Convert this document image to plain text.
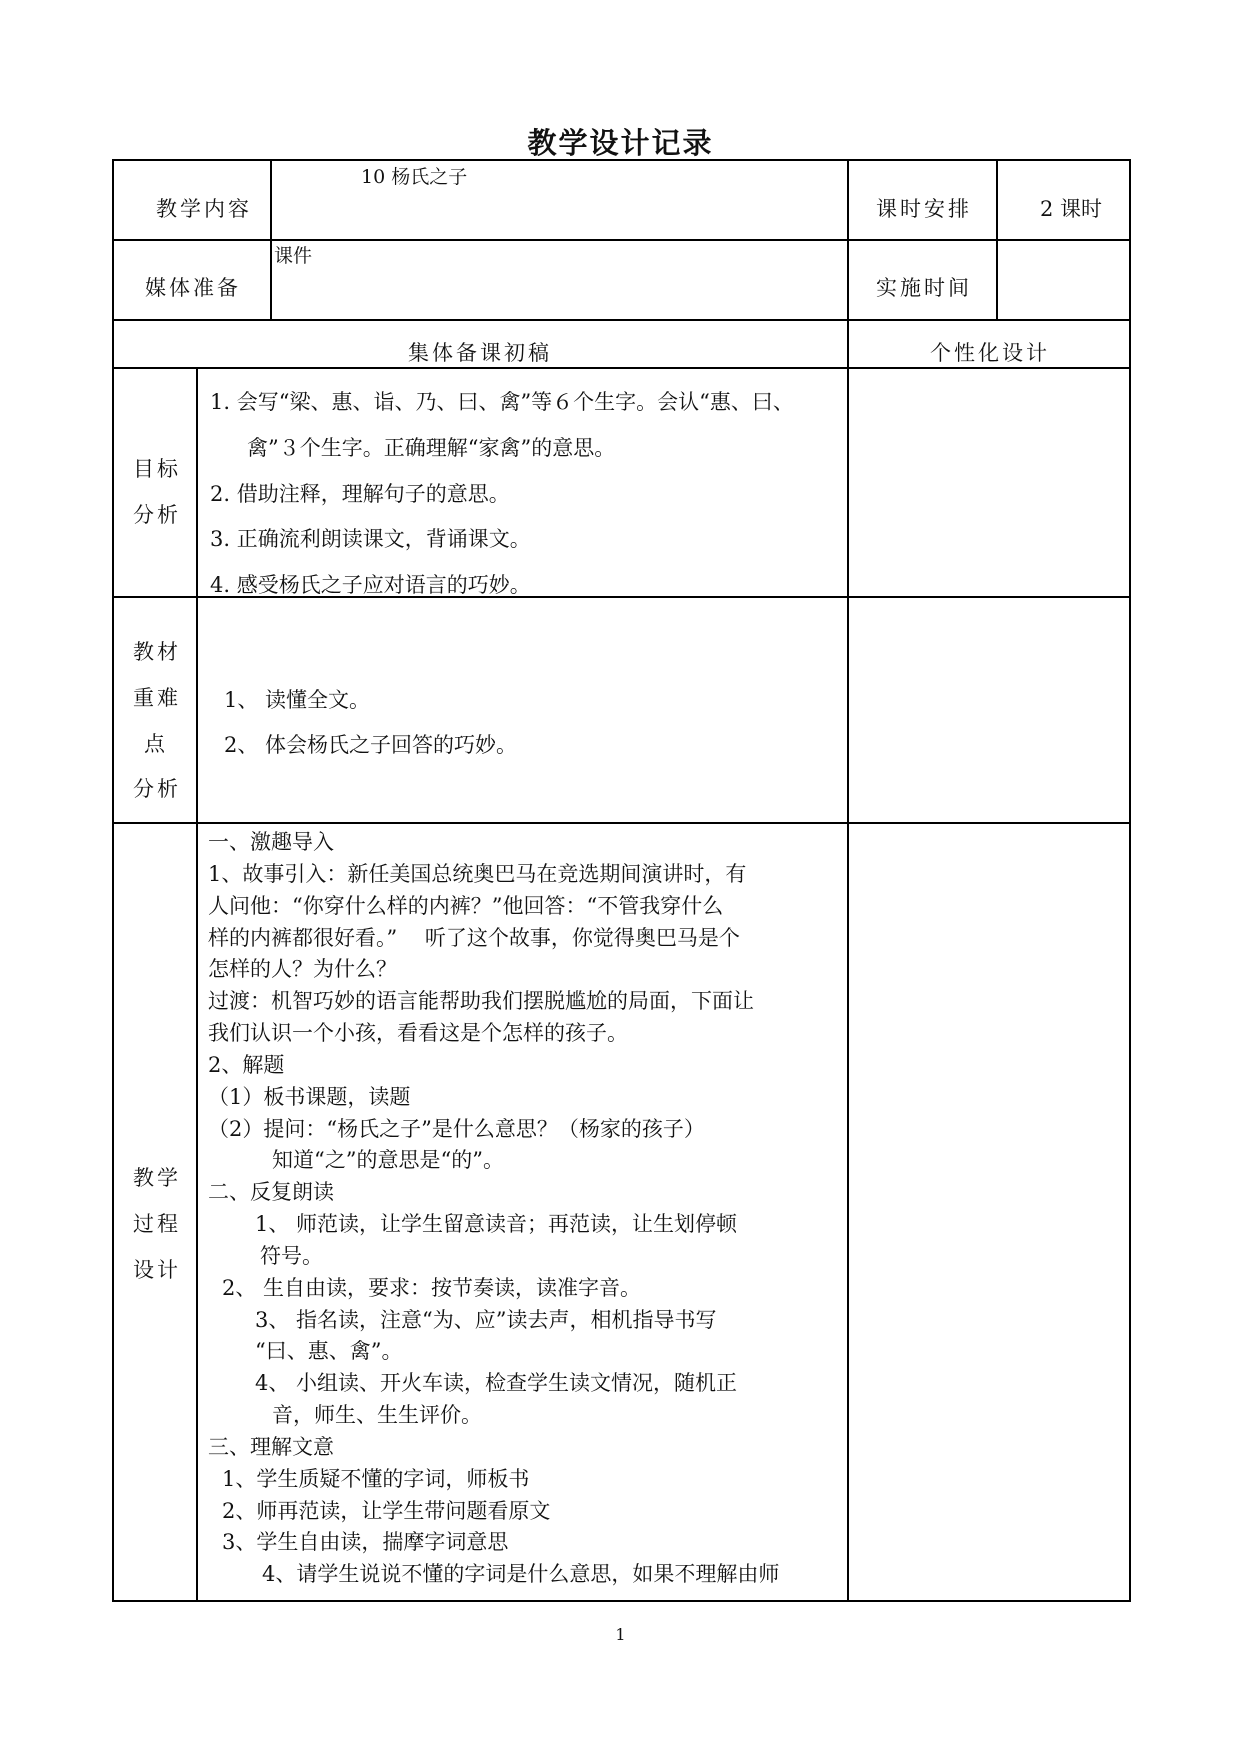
教学设计记录
教学内容
10 杨氏之子
课时安排	2 课时
媒体准备
课件
实施时间
集体备课初稿	个性化设计
目标
分析
1. 会写“梁、惠、诣、乃、曰、禽”等６个生字。会认“惠、曰、
禽”３个生字。正确理解“家禽”的意思。
2. 借助注释，理解句子的意思。
3. 正确流利朗读课文，背诵课文。
4. 感受杨氏之子应对语言的巧妙。
教材
重难
点
分析
1、 读懂全文。
2、 体会杨氏之子回答的巧妙。
教学
过程
设计
一、激趣导入
1、故事引入：新任美国总统奥巴马在竞选期间演讲时，有
人问他：“你穿什么样的内裤？”他回答：“不管我穿什么
样的内裤都很好看。”　 听了这个故事，你觉得奥巴马是个
怎样的人？为什么？
过渡：机智巧妙的语言能帮助我们摆脱尴尬的局面，下面让
我们认识一个小孩，看看这是个怎样的孩子。
2、解题
（1）板书课题，读题
（2）提问：“杨氏之子”是什么意思？（杨家的孩子）
知道“之”的意思是“的”。
二、反复朗读
1、 师范读，让学生留意读音；再范读，让生划停顿
符号。
2、 生自由读，要求：按节奏读，读准字音。
3、 指名读，注意“为、应”读去声，相机指导书写
“曰、惠、禽”。
4、 小组读、开火车读，检查学生读文情况，随机正
音，师生、生生评价。
三、理解文意
1、学生质疑不懂的字词，师板书
2、师再范读，让学生带问题看原文
3、学生自由读，揣摩字词意思
4、请学生说说不懂的字词是什么意思，如果不理解由师
1
